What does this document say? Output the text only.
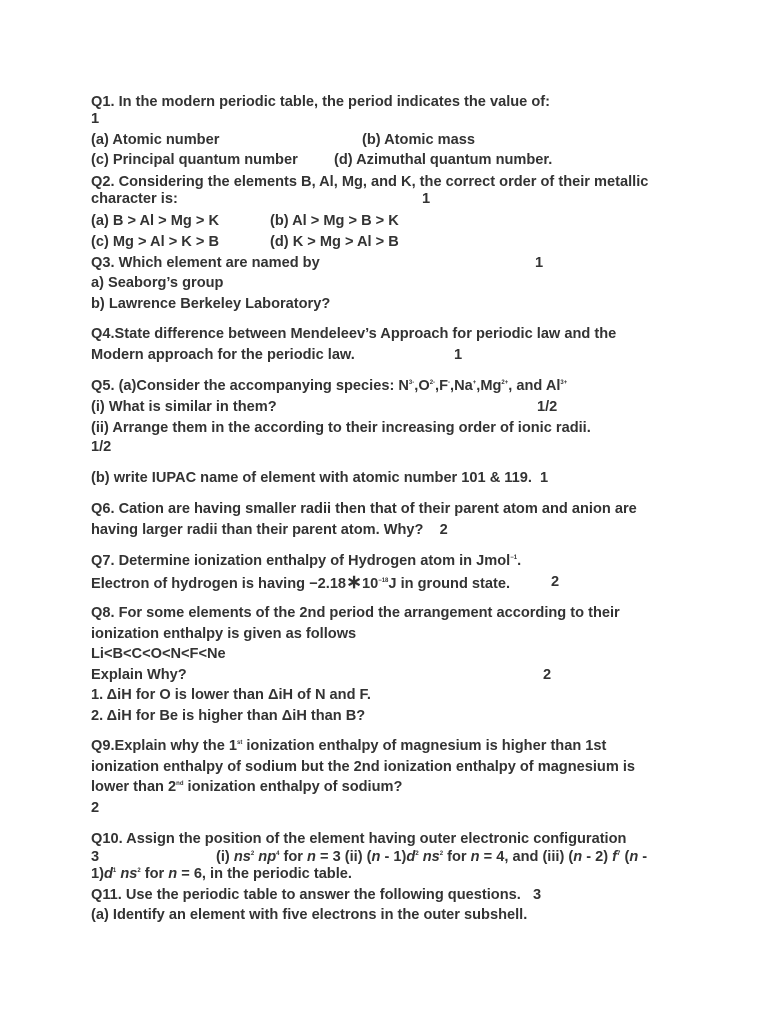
Q1. In the modern periodic table, the period indicates the value of:
1
(a) Atomic number	(b) Atomic mass
(c) Principal quantum number (d) Azimuthal quantum number.
Q2. Considering the elements B, Al, Mg, and K, the correct order of their metallic
character is:	1
(a) B > Al > Mg > K	(b) Al > Mg > B > K
(c) Mg > Al > K > B	(d) K > Mg > Al > B
Q3. Which element are named by	1
a) Seaborg’s group
b) Lawrence Berkeley Laboratory?
Q4.State difference between Mendeleev’s Approach for periodic law and the
Modern approach for the periodic law.	1
Q5. (a)Consider the accompanying species: $N^{3-},O^{2-},F^-,Na^+,Mg^{2+}$, and $Al^{3+}$
(i) What is similar in them?	1/2
(ii) Arrange them in the according to their increasing order of ionic radii.
1/2
(b) write IUPAC name of element with atomic number 101 & 119.  1
Q6. Cation are having smaller radii then that of their parent atom and anion are
having larger radii than their parent atom. Why?    2
Q7. Determine ionization enthalpy of Hydrogen atom in Jmol$^{-1}$.
Electron of hydrogen is having $-2.18∗10^{-18}J$ in ground state.	2
Q8. For some elements of the 2nd period the arrangement according to their
ionization enthalpy is given as follows
Li<B<C<O<N<F<Ne
Explain Why?	2
1. ΔiH for O is lower than ΔiH of N and F.
2. ΔiH for Be is higher than ΔiH than B?
Q9.Explain why the 1st ionization enthalpy of magnesium is higher than 1st
ionization enthalpy of sodium but the 2nd ionization enthalpy of magnesium is
lower than 2nd ionization enthalpy of sodium?
2
Q10. Assign the position of the element having outer electronic configuration
3	(i) $ns^2$ $np^4$ for n = 3 (ii) $(n - 1)d^2$ $ns^2$ for n = 4, and (iii) (n - 2) $f^7$ (n -
$1)d^1$ $ns^2$ for n = 6, in the periodic table.
Q11. Use the periodic table to answer the following questions.   3
(a) Identify an element with five electrons in the outer subshell.
